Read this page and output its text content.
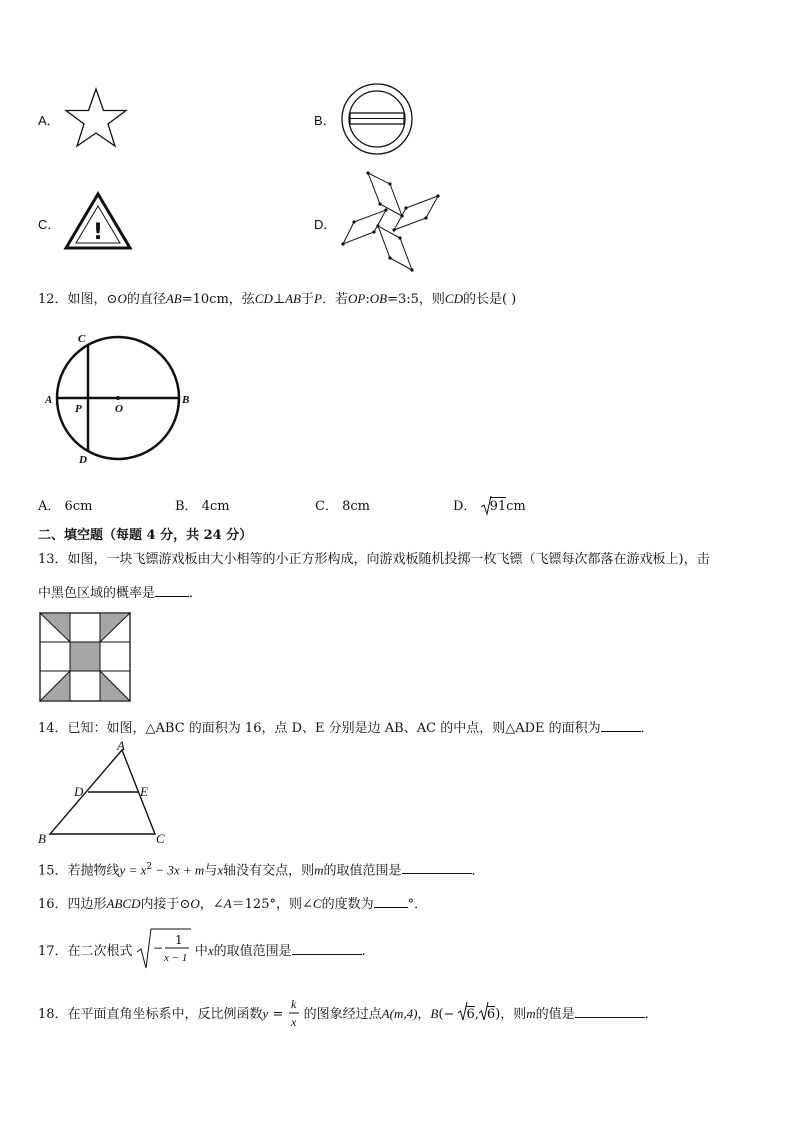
A．	B．
C． !	D．
12．如图，⊙O的直径AB=10cm，弦CD⊥AB于P．若OP:OB=3:5，则CD的长是( )
C
A
P	O
B
D
A． 6cm	B． 4cm	C． 8cm	D． 91cm
二、填空题（每题 4 分，共 24 分）
13．如图，一块飞镖游戏板由大小相等的小正方形构成，向游戏板随机投掷一枚飞镖（飞镖每次都落在游戏板上)，击
中黑色区域的概率是	．
14．已知：如图，△ABC 的面积为 16，点 D、E 分别是边 AB、AC 的中点，则△ADE 的面积为	．
A
D	E
B	C
15．若抛物线$y = x^2 - 3x + m$与x轴没有交点，则m的取值范围是	．
16．四边形ABCD内接于⊙O，∠A＝125°，则∠C的度数为	°．
17．在二次根式 −
1
x − 1 中x的取值范围是	.
18．在平面直角坐标系中，反比例函数y =
k
x 的图象经过点A(m,4)，B(− 6, 6)，则m的值是	．
